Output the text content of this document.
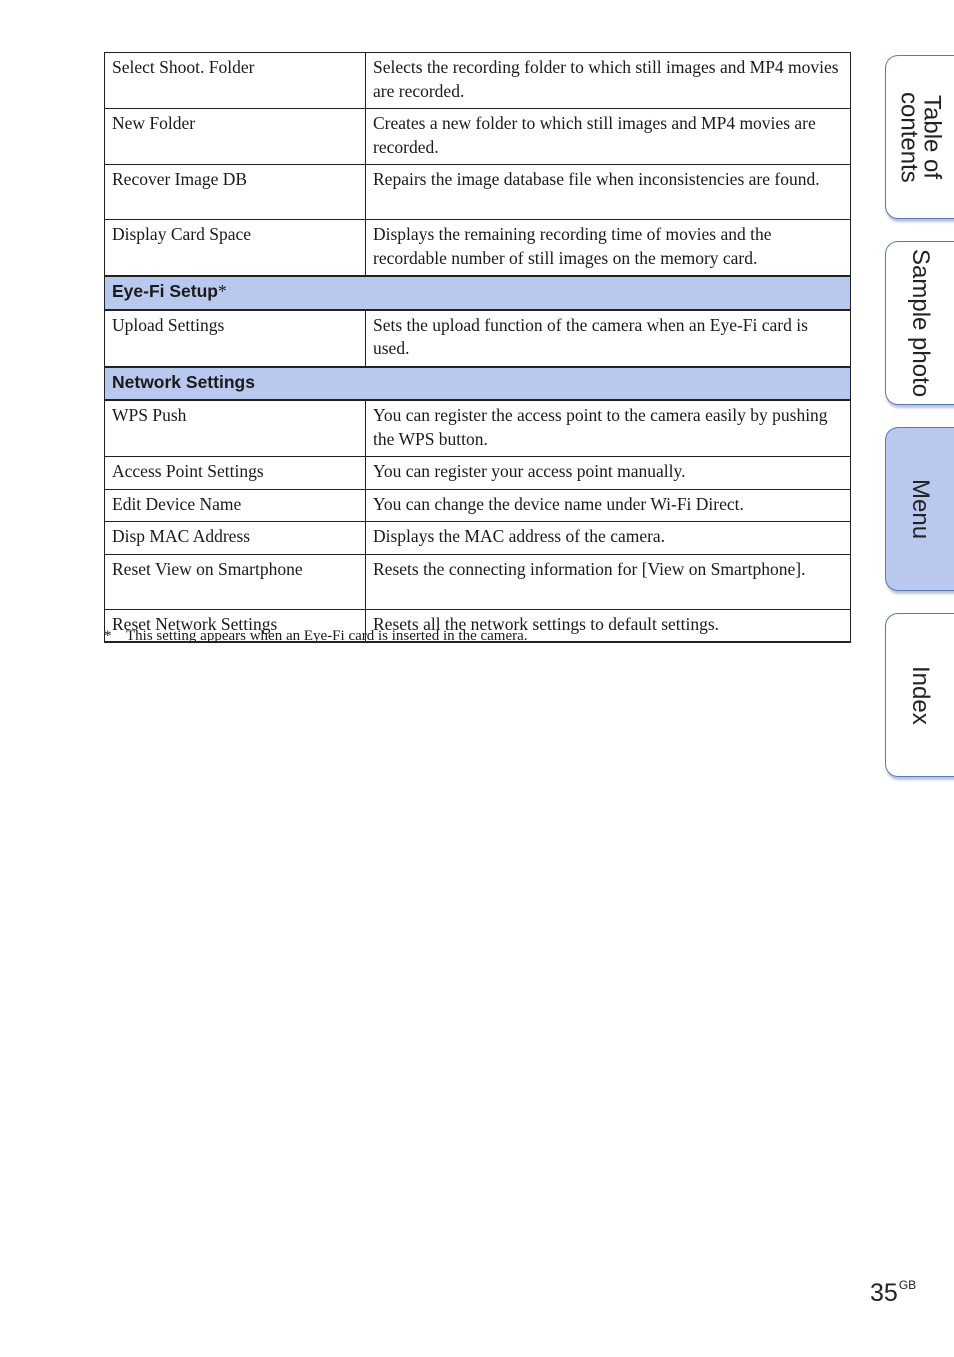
Select Shoot. Folder	Selects the recording folder to which still images and MP4 movies are recorded.
New Folder	Creates a new folder to which still images and MP4 movies are recorded.
Recover Image DB	Repairs the image database file when inconsistencies are found.
Display Card Space	Displays the remaining recording time of movies and the recordable number of still images on the memory card.
Eye-Fi Setup*	
Upload Settings	Sets the upload function of the camera when an Eye-Fi card is used.
Network Settings	
WPS Push	You can register the access point to the camera easily by pushing the WPS button.
Access Point Settings	You can register your access point manually.
Edit Device Name	You can change the device name under Wi-Fi Direct.
Disp MAC Address	Displays the MAC address of the camera.
Reset View on Smartphone	Resets the connecting information for [View on Smartphone].
Reset Network Settings	Resets all the network settings to default settings.
* This setting appears when an Eye-Fi card is inserted in the camera.
Table of
contents
Sample photo
Menu
Index
$35^{GB}$
